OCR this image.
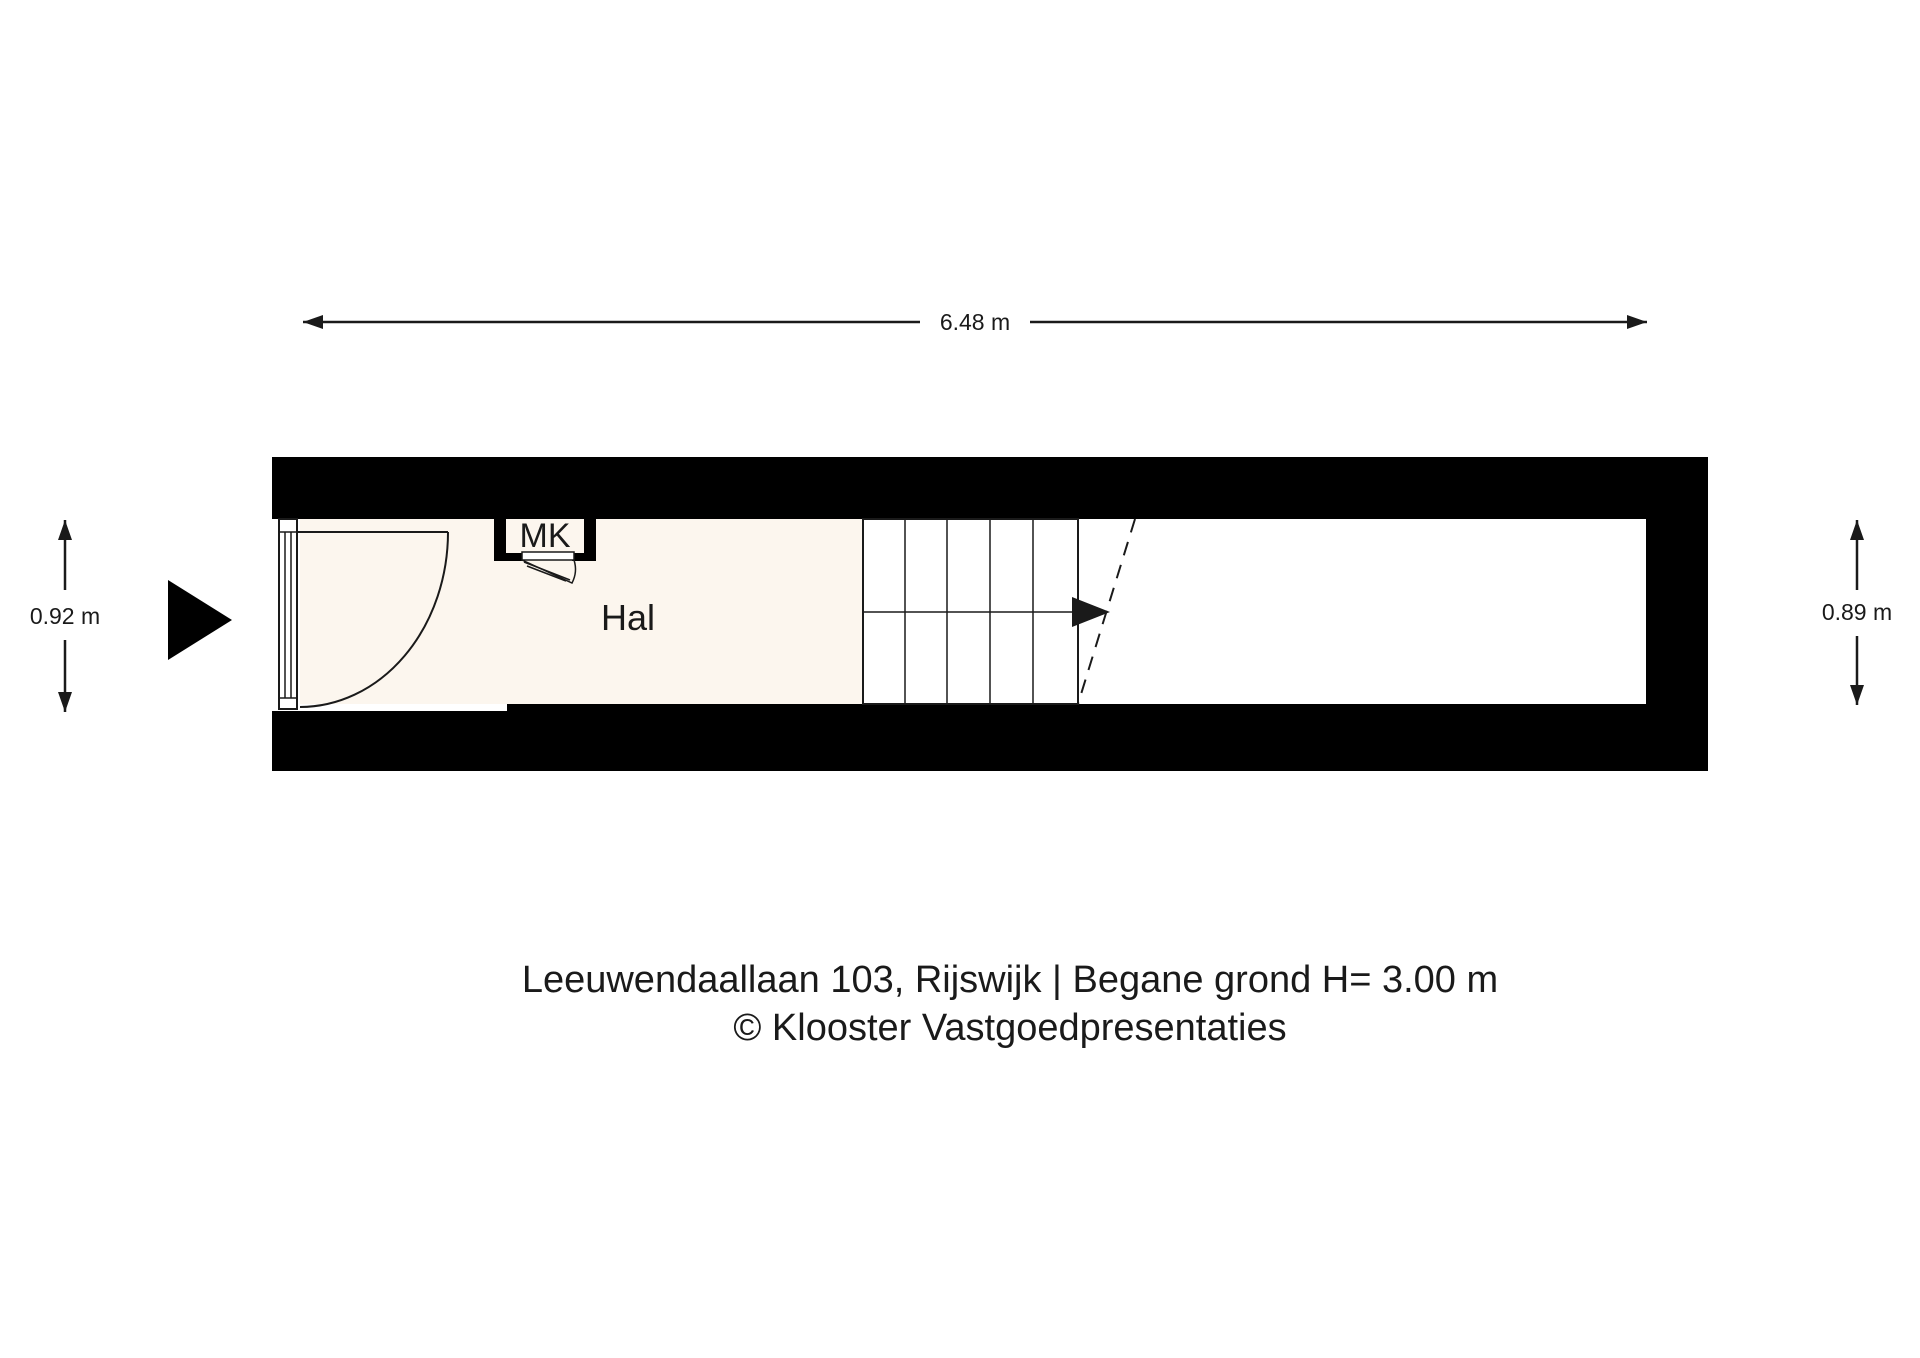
6.48 m
0.92 m	0.89 m
MK
Hal
Leeuwendaallaan 103, Rijswijk | Begane grond H= 3.00 m
© Klooster Vastgoedpresentaties
